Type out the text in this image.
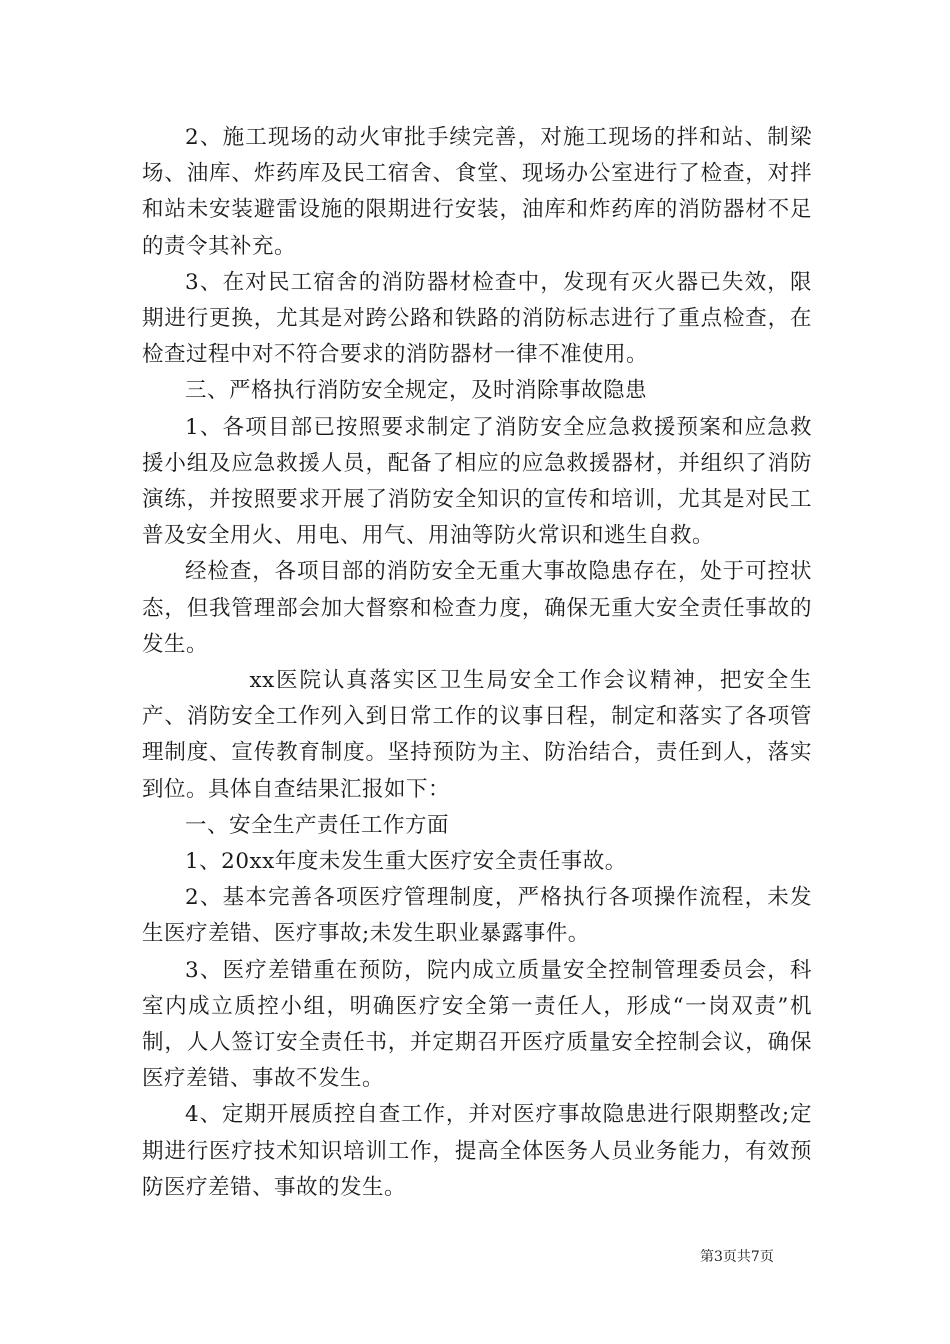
2、施工现场的动火审批手续完善，对施工现场的拌和站、制梁场、油库、炸药库及民工宿舍、食堂、现场办公室进行了检查，对拌和站未安装避雷设施的限期进行安装，油库和炸药库的消防器材不足的责令其补充。

3、在对民工宿舍的消防器材检查中，发现有灭火器已失效，限期进行更换，尤其是对跨公路和铁路的消防标志进行了重点检查，在检查过程中对不符合要求的消防器材一律不准使用。

三、严格执行消防安全规定，及时消除事故隐患

1、各项目部已按照要求制定了消防安全应急救援预案和应急救援小组及应急救援人员，配备了相应的应急救援器材，并组织了消防演练，并按照要求开展了消防安全知识的宣传和培训，尤其是对民工普及安全用火、用电、用气、用油等防火常识和逃生自救。

经检查，各项目部的消防安全无重大事故隐患存在，处于可控状态，但我管理部会加大督察和检查力度，确保无重大安全责任事故的发生。

xx医院认真落实区卫生局安全工作会议精神，把安全生产、消防安全工作列入到日常工作的议事日程，制定和落实了各项管理制度、宣传教育制度。坚持预防为主、防治结合，责任到人，落实到位。具体自查结果汇报如下：

一、安全生产责任工作方面

1、20xx年度未发生重大医疗安全责任事故。

2、基本完善各项医疗管理制度，严格执行各项操作流程，未发生医疗差错、医疗事故;未发生职业暴露事件。

3、医疗差错重在预防，院内成立质量安全控制管理委员会，科室内成立质控小组，明确医疗安全第一责任人，形成“一岗双责”机制，人人签订安全责任书，并定期召开医疗质量安全控制会议，确保医疗差错、事故不发生。

4、定期开展质控自查工作，并对医疗事故隐患进行限期整改;定期进行医疗技术知识培训工作，提高全体医务人员业务能力，有效预防医疗差错、事故的发生。

第3页共7页
